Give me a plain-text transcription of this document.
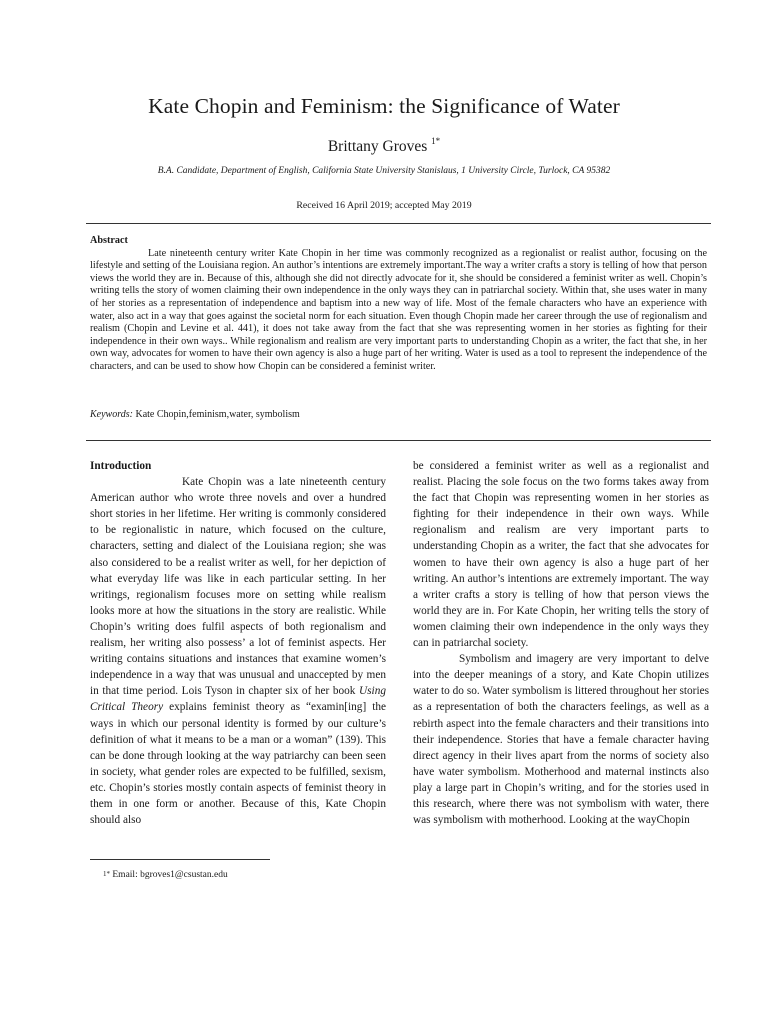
Kate Chopin and Feminism: the Significance of Water
Brittany Groves $^{1*}$
B.A. Candidate, Department of English, California State University Stanislaus, 1 University Circle, Turlock, CA 95382
Received 16 April 2019; accepted May 2019
Abstract
Late nineteenth century writer Kate Chopin in her time was commonly recognized as a regionalist or realist author, focusing on the lifestyle and setting of the Louisiana region. An author’s intentions are extremely important.The way a writer crafts a story is telling of how that person views the world they are in. Because of this, although she did not directly advocate for it, she should be considered a feminist writer as well. Chopin’s writing tells the story of women claiming their own independence in the only ways they can in patriarchal society. Within that, she uses water in many of her stories as a representation of independence and baptism into a new way of life. Most of the female characters who have an experience with water, also act in a way that goes against the societal norm for each situation. Even though Chopin made her career through the use of regionalism and realism (Chopin and Levine et al. 441), it does not take away from the fact that she was representing women in her stories as fighting for their independence in their own ways.. While regionalism and realism are very important parts to understanding Chopin as a writer, the fact that she, in her own way, advocates for women to have their own agency is also a huge part of her writing. Water is used as a tool to represent the independence of the characters, and can be used to show how Chopin can be considered a feminist writer.
Keywords: Kate Chopin,feminism,water, symbolism
Introduction

Kate Chopin was a late nineteenth century American author who wrote three novels and over a hundred short stories in her lifetime. Her writing is commonly considered to be regionalistic in nature, which focused on the culture, characters, setting and dialect of the Louisiana region; she was also considered to be a realist writer as well, for her depiction of what everyday life was like in each particular setting. In her writings, regionalism focuses more on setting while realism looks more at how the situations in the story are realistic. While Chopin’s writing does fulfil aspects of both regionalism and realism, her writing also possess’ a lot of feminist aspects. Her writing contains situations and instances that examine women’s independence in a way that was unusual and unaccepted by men in that time period. Lois Tyson in chapter six of her book Using Critical Theory explains feminist theory as “examin[ing] the ways in which our personal identity is formed by our culture’s definition of what it means to be a man or a woman” (139). This can be done through looking at the way patriarchy can been seen in society, what gender roles are expected to be fulfilled, sexism, etc. Chopin’s stories mostly contain aspects of feminist theory in them in one form or another. Because of this, Kate Chopin should also

be considered a feminist writer as well as a regionalist and realist. Placing the sole focus on the two forms takes away from the fact that Chopin was representing women in her stories as fighting for their independence in their own ways. While regionalism and realism are very important parts to understanding Chopin as a writer, the fact that she advocates for women to have their own agency is also a huge part of her writing. An author’s intentions are extremely important. The way a writer crafts a story is telling of how that person views the world they are in. For Kate Chopin, her writing tells the story of women claiming their own independence in the only ways they can in patriarchal society.

Symbolism and imagery are very important to delve into the deeper meanings of a story, and Kate Chopin utilizes water to do so. Water symbolism is littered throughout her stories as a representation of both the characters feelings, as well as a rebirth aspect into the female characters and their transitions into their independence. Stories that have a female character having direct agency in their lives apart from the norms of society also have water symbolism. Motherhood and maternal instincts also play a large part in Chopin’s writing, and for the stories used in this research, where there was not symbolism with water, there was symbolism with motherhood. Looking at the wayChopin

$^{1*}$ Email: bgroves1@csustan.edu
